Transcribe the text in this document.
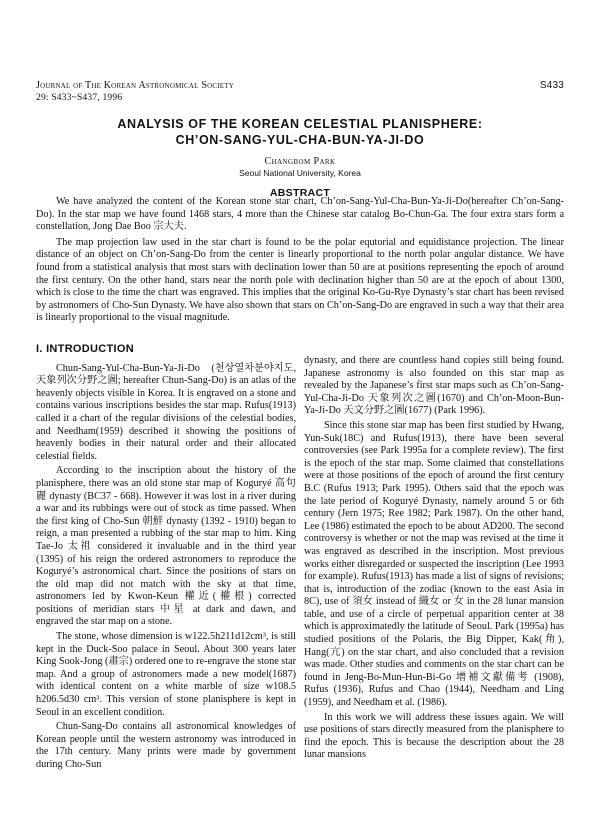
Journal of The Korean Astronomical Society	S433
29: S433~S437, 1996
ANALYSIS OF THE KOREAN CELESTIAL PLANISPHERE:
CH’ON-SANG-YUL-CHA-BUN-YA-JI-DO
Changbom Park
Seoul National University, Korea
ABSTRACT

We have analyzed the content of the Korean stone star chart, Ch’on-Sang-Yul-Cha-Bun-Ya-Ji-Do(hereafter Ch’on-Sang-Do). In the star map we have found 1468 stars, 4 more than the Chinese star catalog Bo-Chun-Ga. The four extra stars form a constellation, Jong Dae Boo 宗大夫.

The map projection law used in the star chart is found to be the polar equtorial and equidistance projection. The linear distance of an object on Ch’on-Sang-Do from the center is linearly proportional to the north polar angular distance. We have found from a statistical analysis that most stars with declination lower than 50 are at positions representing the epoch of around the first century. On the other hand, stars near the north pole with declination higher than 50 are at the epoch of about 1300, which is close to the time the chart was engraved. This implies that the original Ko-Gu-Rye Dynasty’s star chart has been revised by astronomers of Cho-Sun Dynasty. We have also shown that stars on Ch’on-Sang-Do are engraved in such a way that their area is linearly proportional to the visual magnitude.

I. INTRODUCTION

Chun-Sang-Yul-Cha-Bun-Ya-Ji-Do (천상열차분야지도, 天象列次分野之圖; hereafter Chun-Sang-Do) is an atlas of the heavenly objects visible in Korea. It is engraved on a stone and contains various inscriptions besides the star map. Rufus(1913) called it a chart of the regular divisions of the celestial bodies, and Needham(1959) described it showing the positions of heavenly bodies in their natural order and their allocated celestial fields.

According to the inscription about the history of the planisphere, there was an old stone star map of Koguryé 高句麗 dynasty (BC37 - 668). However it was lost in a river during a war and its rubbings were out of stock as time passed. When the first king of Cho-Sun 朝鮮 dynasty (1392 - 1910) began to reign, a man presented a rubbing of the star map to him. King Tae-Jo 太祖 considered it invaluable and in the third year (1395) of his reign the ordered astronomers to reproduce the Koguryé’s astronomical chart. Since the positions of stars on the old map did not match with the sky at that time, astronomers led by Kwon-Keun 權近(權根) corrected positions of meridian stars 中星 at dark and dawn, and engraved the star map on a stone.

The stone, whose dimension is w122.5h211d12cm³, is still kept in the Duck-Soo palace in Seoul. About 300 years later King Sook-Jong (肅宗) ordered one to re-engrave the stone star map. And a group of astronomers made a new model(1687) with identical content on a white marble of size w108.5 h206.5d30 cm³. This version of stone planisphere is kept in Seoul in an excellent condition.

Chun-Sang-Do contains all astronomical knowledges of Korean people until the western astronomy was introduced in the 17th century. Many prints were made by government during Cho-Sun

dynasty, and there are countless hand copies still being found. Japanese astronomy is also founded on this star map as revealed by the Japanese’s first star maps such as Ch’on-Sang-Yul-Cha-Ji-Do 天象列次之圖(1670) and Ch’on-Moon-Bun-Ya-Ji-Do 天文分野之圖(1677) (Park 1996).

Since this stone star map has been first studied by Hwang, Yun-Suk(18C) and Rufus(1913), there have been several controversies (see Park 1995a for a complete review). The first is the epoch of the star map. Some claimed that constellations were at those positions of the epoch of around the first century B.C (Rufus 1913; Park 1995). Others said that the epoch was the late period of Koguryé Dynasty, namely around 5 or 6th century (Jern 1975; Ree 1982; Park 1987). On the other hand, Lee (1986) estimated the epoch to be about AD200. The second controversy is whether or not the map was revised at the time it was engraved as described in the inscription. Most previous works either disregarded or suspected the inscription (Lee 1993 for example). Rufus(1913) has made a list of signs of revisions; that is, introduction of the zodiac (known to the east Asia in 8C), use of 須女 instead of 織女 or 女 in the 28 lunar mansion table, and use of a circle of perpetual apparition center at 38 which is approximatedly the latitude of Seoul. Park (1995a) has studied positions of the Polaris, the Big Dipper, Kak(角), Hang(亢) on the star chart, and also concluded that a revision was made. Other studies and comments on the star chart can be found in Jeng-Bo-Mun-Hun-Bi-Go 增補文獻備考 (1908), Rufus (1936), Rufus and Chao (1944), Needham and Ling (1959), and Needham et al. (1986).

In this work we will address these issues again. We will use positions of stars directly measured from the planisphere to find the epoch. This is because the description about the 28 lunar mansions
